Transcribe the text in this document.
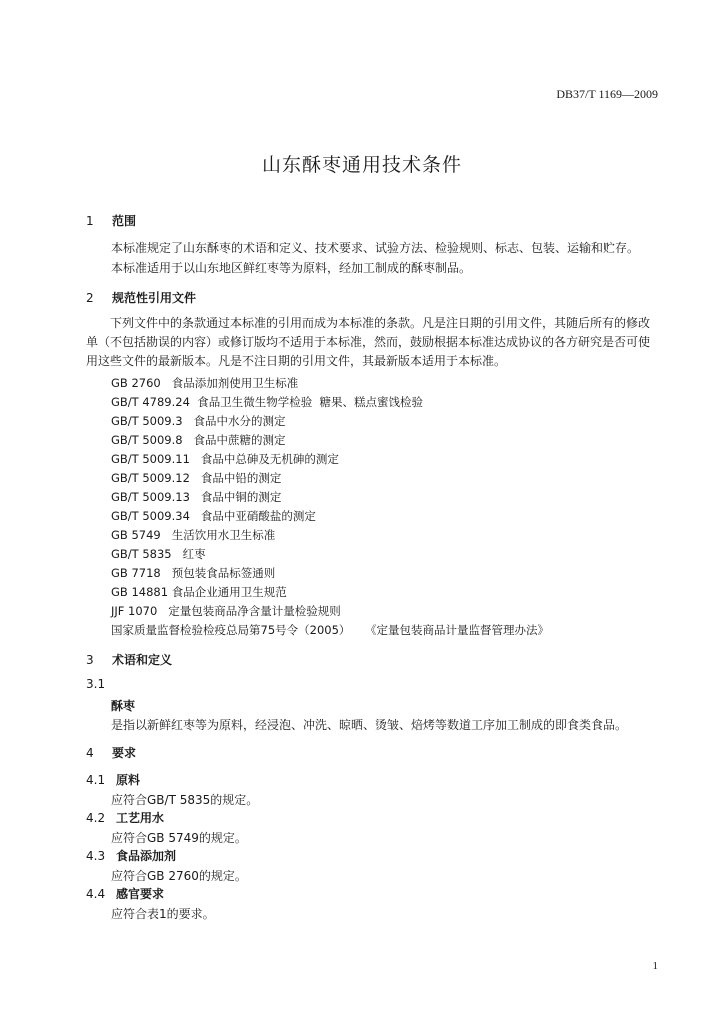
DB37/T 1169—2009
山东酥枣通用技术条件
1 范围
本标准规定了山东酥枣的术语和定义、技术要求、试验方法、检验规则、标志、包装、运输和贮存。
本标准适用于以山东地区鲜红枣等为原料，经加工制成的酥枣制品。
2 规范性引用文件
下列文件中的条款通过本标准的引用而成为本标准的条款。凡是注日期的引用文件，其随后所有的修改单（不包括勘误的内容）或修订版均不适用于本标准，然而，鼓励根据本标准达成协议的各方研究是否可使用这些文件的最新版本。凡是不注日期的引用文件，其最新版本适用于本标准。
GB 2760   食品添加剂使用卫生标准
GB/T 4789.24  食品卫生微生物学检验  糖果、糕点蜜饯检验
GB/T 5009.3   食品中水分的测定
GB/T 5009.8   食品中蔗糖的测定
GB/T 5009.11   食品中总砷及无机砷的测定
GB/T 5009.12   食品中铅的测定
GB/T 5009.13   食品中铜的测定
GB/T 5009.34   食品中亚硝酸盐的测定
GB 5749   生活饮用水卫生标准
GB/T 5835   红枣
GB 7718   预包装食品标签通则
GB 14881 食品企业通用卫生规范
JJF 1070   定量包装商品净含量计量检验规则
国家质量监督检验检疫总局第75号令（2005）    《定量包装商品计量监督管理办法》
3 术语和定义
3.1
酥枣
是指以新鲜红枣等为原料，经浸泡、冲洗、晾晒、烫皱、焙烤等数道工序加工制成的即食类食品。
4 要求
4.1 原料
应符合GB/T 5835的规定。
4.2 工艺用水
应符合GB 5749的规定。
4.3 食品添加剂
应符合GB 2760的规定。
4.4 感官要求
应符合表1的要求。
1
